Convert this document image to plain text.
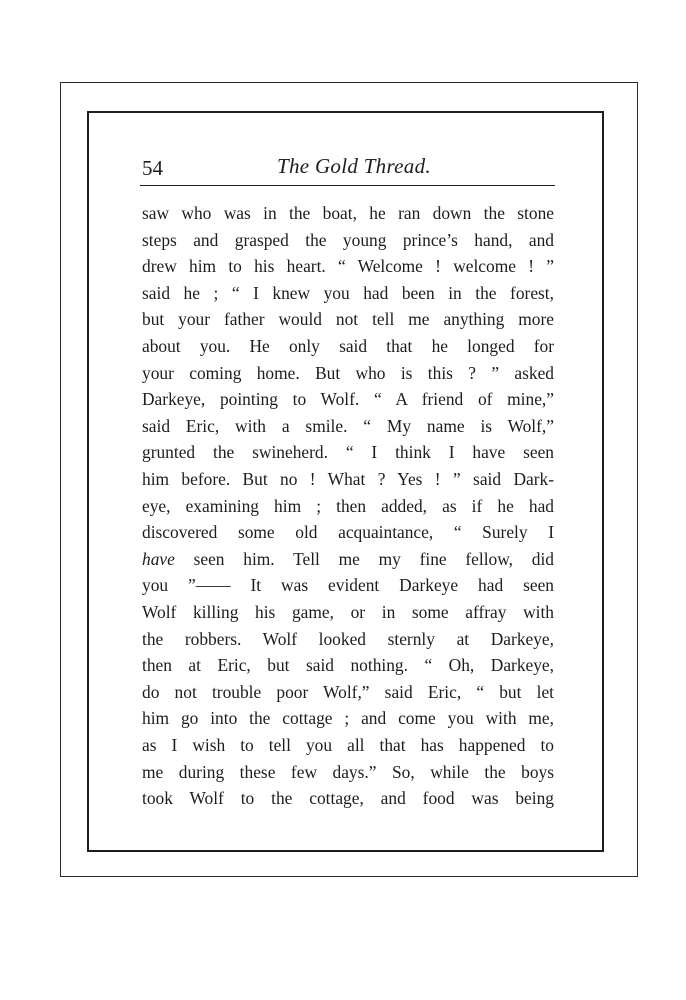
54	The Gold Thread.
saw who was in the boat, he ran down the stone
steps and grasped the young prince’s hand, and
drew him to his heart. “ Welcome ! welcome ! ”
said he ; “ I knew you had been in the forest,
but your father would not tell me anything more
about you. He only said that he longed for
your coming home. But who is this ? ” asked
Darkeye, pointing to Wolf. “ A friend of mine,”
said Eric, with a smile. “ My name is Wolf,”
grunted the swineherd. “ I think I have seen
him before. But no ! What ? Yes ! ” said Dark-
eye, examining him ; then added, as if he had
discovered some old acquaintance, “ Surely I
have seen him. Tell me my fine fellow, did
you ”—— It was evident Darkeye had seen
Wolf killing his game, or in some affray with
the robbers. Wolf looked sternly at Darkeye,
then at Eric, but said nothing. “ Oh, Darkeye,
do not trouble poor Wolf,” said Eric, “ but let
him go into the cottage ; and come you with me,
as I wish to tell you all that has happened to
me during these few days.” So, while the boys
took Wolf to the cottage, and food was being
